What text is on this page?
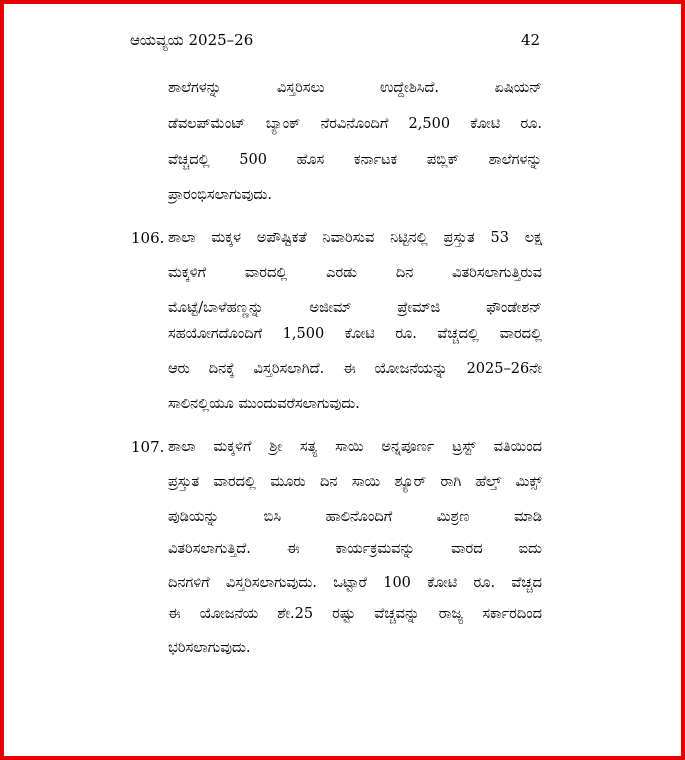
ಆಯವ್ಯಯ 2025–26	42
ಶಾಲೆಗಳನ್ನು ವಿಸ್ತರಿಸಲು ಉದ್ದೇಶಿಸಿದೆ. ಏಷಿಯನ್
ಡೆವಲಪ್‌ಮೆಂಟ್ ಬ್ಯಾಂಕ್ ನೆರವಿನೊಂದಿಗೆ 2,500 ಕೋಟಿ ರೂ.
ವೆಚ್ಚದಲ್ಲಿ 500 ಹೊಸ ಕರ್ನಾಟಕ ಪಬ್ಲಿಕ್ ಶಾಲೆಗಳನ್ನು
ಪ್ರಾರಂಭಿಸಲಾಗುವುದು.
106. ಶಾಲಾ ಮಕ್ಕಳ ಅಪೌಷ್ಟಿಕತೆ ನಿವಾರಿಸುವ ನಿಟ್ಟಿನಲ್ಲಿ ಪ್ರಸ್ತುತ 53 ಲಕ್ಷ
ಮಕ್ಕಳಿಗೆ ವಾರದಲ್ಲಿ ಎರಡು ದಿನ ವಿತರಿಸಲಾಗುತ್ತಿರುವ
ಮೊಟ್ಟೆ/ಬಾಳೆಹಣ್ಣನ್ನು ಅಜೀಮ್ ಪ್ರೇಮ್‌ಜಿ ಫೌಂಡೇಶನ್
ಸಹಯೋಗದೊಂದಿಗೆ 1,500 ಕೋಟಿ ರೂ. ವೆಚ್ಚದಲ್ಲಿ ವಾರದಲ್ಲಿ
ಆರು ದಿನಕ್ಕೆ ವಿಸ್ತರಿಸಲಾಗಿದೆ. ಈ ಯೋಜನೆಯನ್ನು 2025–26ನೇ
ಸಾಲಿನಲ್ಲಿಯೂ ಮುಂದುವರೆಸಲಾಗುವುದು.
107. ಶಾಲಾ ಮಕ್ಕಳಿಗೆ ಶ್ರೀ ಸತ್ಯ ಸಾಯಿ ಅನ್ನಪೂರ್ಣ ಟ್ರಸ್ಟ್ ವತಿಯಿಂದ
ಪ್ರಸ್ತುತ ವಾರದಲ್ಲಿ ಮೂರು ದಿನ ಸಾಯಿ ಶ್ಯೂರ್ ರಾಗಿ ಹೆಲ್ತ್ ಮಿಕ್ಸ್
ಪುಡಿಯನ್ನು ಬಿಸಿ ಹಾಲಿನೊಂದಿಗೆ ಮಿಶ್ರಣ ಮಾಡಿ
ವಿತರಿಸಲಾಗುತ್ತಿದೆ. ಈ ಕಾರ್ಯಕ್ರಮವನ್ನು ವಾರದ ಐದು
ದಿನಗಳಿಗೆ ವಿಸ್ತರಿಸಲಾಗುವುದು. ಒಟ್ಟಾರೆ 100 ಕೋಟಿ ರೂ. ವೆಚ್ಚದ
ಈ ಯೋಜನೆಯ ಶೇ.25 ರಷ್ಟು ವೆಚ್ಚವನ್ನು ರಾಜ್ಯ ಸರ್ಕಾರದಿಂದ
ಭರಿಸಲಾಗುವುದು.
